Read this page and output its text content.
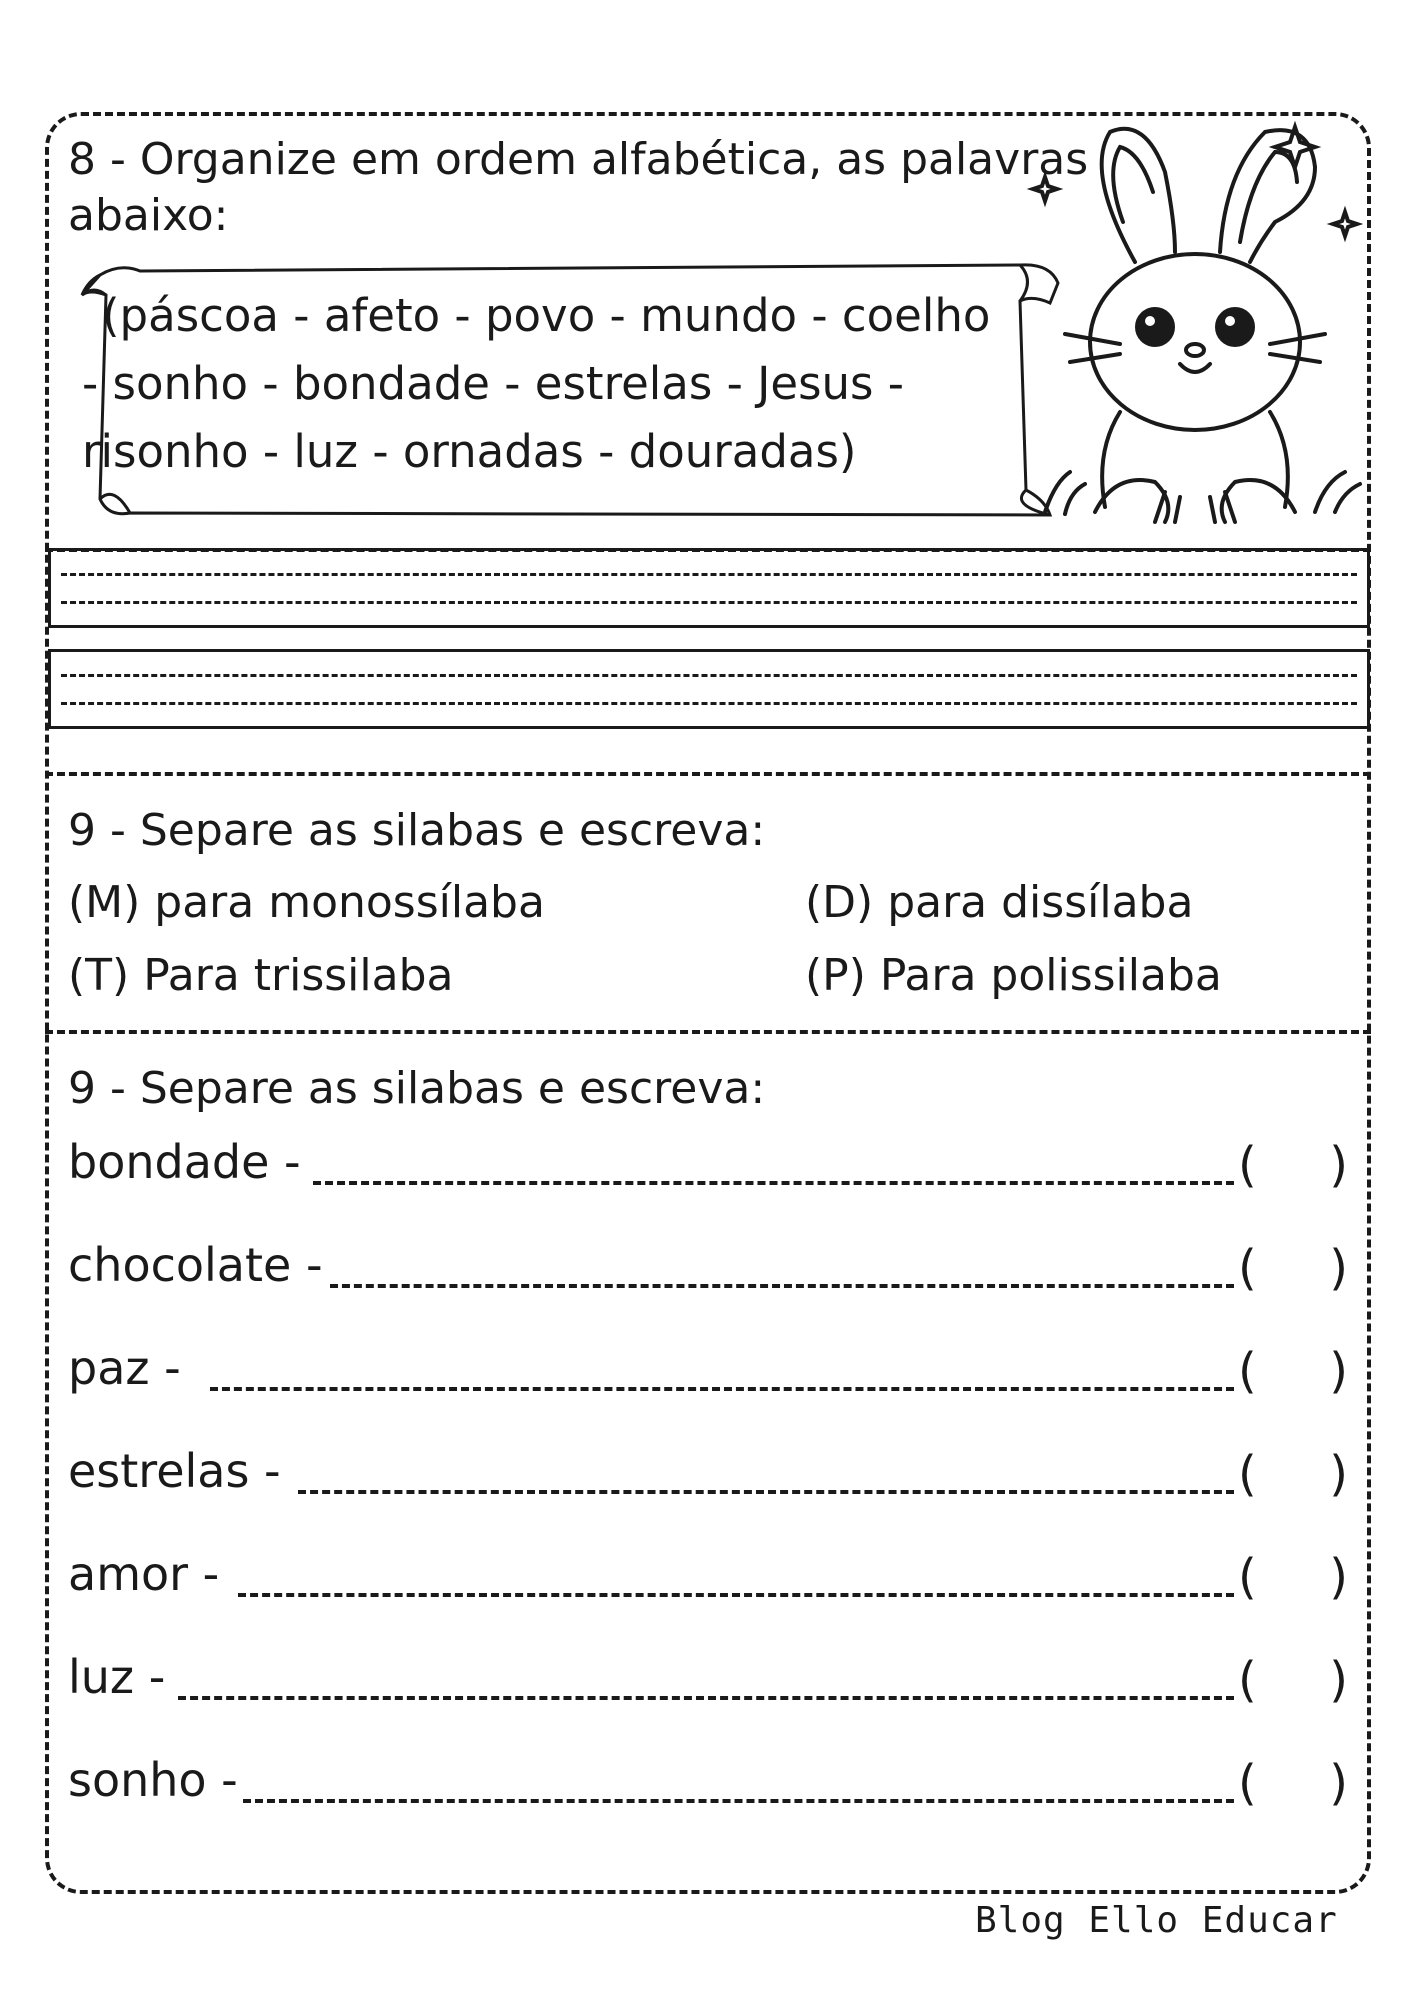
8 - Organize em ordem alfabética, as palavras
abaixo:
(páscoa - afeto - povo - mundo - coelho
- sonho - bondade - estrelas - Jesus -
risonho - luz - ornadas - douradas)
9 - Separe as silabas e escreva:
(M) para monossílaba	(D) para dissílaba
(T) Para trissilaba	(P) Para polissilaba
9 - Separe as silabas e escreva:
bondade -	( )
chocolate -	( )
paz -	( )
estrelas -	( )
amor -	( )
luz -	( )
sonho -	( )
Blog Ello Educar
